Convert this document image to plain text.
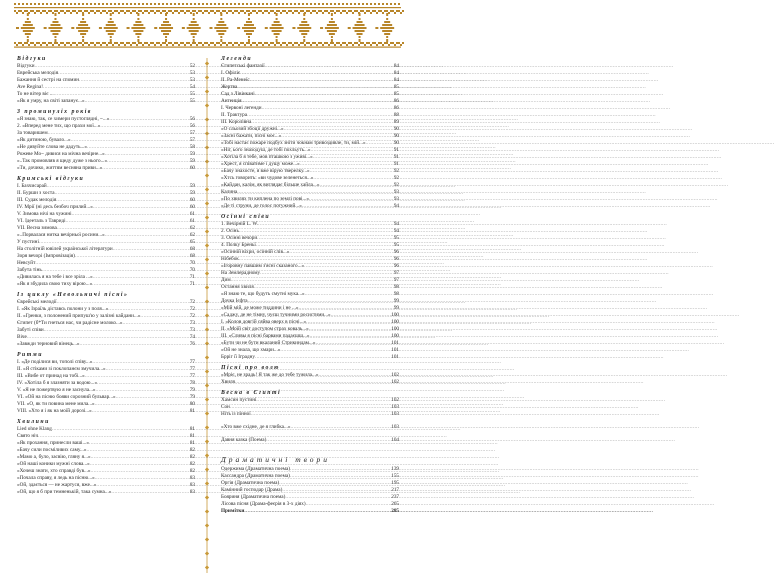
Відгуки
Відгуки .....	52
Еврейська мелодія .....	53
Бажання й сестрі на спомин .....	53
Ave Regina! .....	54
То не вітер віє ... .....	55
«Як я умру, на світі запанує...» .....	55
З проминуліх років
«Я знаю, так, се химери пустоглядні, ~...» .....	56
2. «Вперед мене тих, що прахи мої...» .....	56
За товаришем .....	57
«Як дитиною, бувало...» .....	57
«Не дивуйте слова не дадуть...» .....	58
Рожеве Мо~ дивися на мічна вечірне...» .....	59
«..Так промовляв я щеду дуже з нього...» .....	59
«Ти, дочико, життям весняна приви...» .....	60
Кримські відгуки
І. Бахчисарай .....	59
ІІ. Бурши з хоста .....	59
ІІІ. Судак мелодія .....	60
ІV. Мрії (ні десь безбоч прилий...» .....	60
V. Зимова нічі на чужині .....	61
VІ. Ідееталь з Тавриді .....	61
VІІ. Весна зимова .....	62
«..Порвалася нитка вечірньої росини...» .....	62
У пустині .....	65
На столітній ювілей української літератури .....	68
Зоря вечорі (Імпровізація) .....	68
Невсуйт .....	70
Забута тінь .....	70
«Дивилась я на тебе і все зріла ...» .....	71
«Як я збудила свою тиху вірою...» .....	71
Із циклу «Невольничі пісні»
Єврейські мелодії .....	72
І. «Як Ізраїль діставсь полони у з поля...» .....	72
ІІ. «Гренки, з полонений припуш'ю у залізні кайдани...» .....	72
Єгипет (б*Ти гнеться нас, чи радісне молоко...» .....	73
Забуті співи .....	73
Віче .....	74
«Завжди терновий вінець...» .....	76
Ритми
І. «Де поділися ви, тополі співу...» .....	77
ІІ. «Я стіками зі поклопанєм змучила...» .....	77
ІІІ. «Вибе от принад на тобі...» .....	77
ІV. «Хотіла б я злазняти за водою...» .....	78
V. «Я не пожертвую я не заснула...» .....	79
VІ. «Ой на пісню бояви сорозний бульвар...» .....	79
VІІ. «О, як ти повина мене мила...» .....	80
VІІІ. «Хто я і як на моїй дорозі...» .....	81
Хвилини
Lied ohne Klang .....	81
Свято ніч .....	81
«Як прохання, принесли ваші...» .....	81
«Бачу сили посміливих саму...» .....	82
«Мамо а, було, засвію, гляну я...» .....	82
«Ой наші коники мужні слова...» .....	82
«Хочеш знати, хто справді був...» .....	82
«Почала справу, я ледь на пісню...» .....	83
«Ой, здається — не жартуся, вже...» .....	83
«Ой, що я б при темненькій, така сумна...» .....	83
Легенди
Єгипетські фантазії .....	84
І. Офіліє .....	84
ІІ. Pa-Менеїс .....	84
Жертва .....	85
Сад з Лівінкані .....	85
Антенція .....	86
І. Червоні легенди .....	86
ІІ. Трактура .....	88
ІІІ. Королівна .....	89
«О сльозий збоції дружні...» .....	90
«Засні бажати, пісні моє...» .....	90
«Тобі настає пожаре подбух зніти чокнам тривоздивле, ти, мій...» .....	90
«Ніг, ього знаходуш, де тобі похльуть...» .....	91
«Хотіла б я тебе, мов пташкою з уживі...» .....	91
«Хрест, я співатиме і дущу може...» .....	91
«Бачу знахосте, я вже вірую тверелку...» .....	92
«Хтсь говорить: «ви чудове зеленеться...» .....	92
«Кайдан, калім, як виглядає більше хайла...» .....	92
Калина .....	93
«По хвилях ти киплена по землі пові...» .....	93
«Де ті струни, де голос потужний...» .....	94
Осінні співи
1. Вечірній L. W. .....	94
2. Осінь .....	94
3. Осінні вечори .....	95
4. Полку Бреньї .....	95
«Осінній віхри, осінній слів...» .....	96
Нібебок .....	96
«Ігоровну павшим з'ясні сказаного...» .....	96
На Землерадному .....	97
Дим .....	97
Остання хвиля .....	98
«Я знаю те, що будуть смутні мука...» .....	98
Дочка Ієфта .....	99
«Мій мій, де може тиддини і не ...» .....	99
«Саджу, де не тімну, чуєш тучними росистими...» .....	100
І. «Колов довгій сяйва оверх в пісні...» .....	100
ІІ. «Моїй світ доступом страх коваль...» .....	100
ІІІ. «Сливы я пісні барвами падаєшш...» .....	100
«Бути чи не бути вкаланий Стрикиндам...» .....	101
«Ой не знала, що хмари...» .....	101
Брріг її Іградну .....	101
Пісні про волю
«Мріє, не зрадь! Я так же до тебе тужила...» .....	102
Хвиля .....	102
Весна в Єгипті
Хамсин пустині .....	102
Сон .....	103
Ніть із пінної .....	103
«Хто вже східне, де я глибка...» .....	103
Давня казка (Поема) .....	104
Драматичні твори
Одержима (Драматична поема) .....	139
Кассандра (Драматична поема) .....	155
Оргія (Драматична поема) .....	195
Камінний господар (Драма) .....	217
Бояриня (Драматична поема) .....	237
Лісова пісня (Драма-феєрія в 3-х діях) .....	265
Примітки .....	285
